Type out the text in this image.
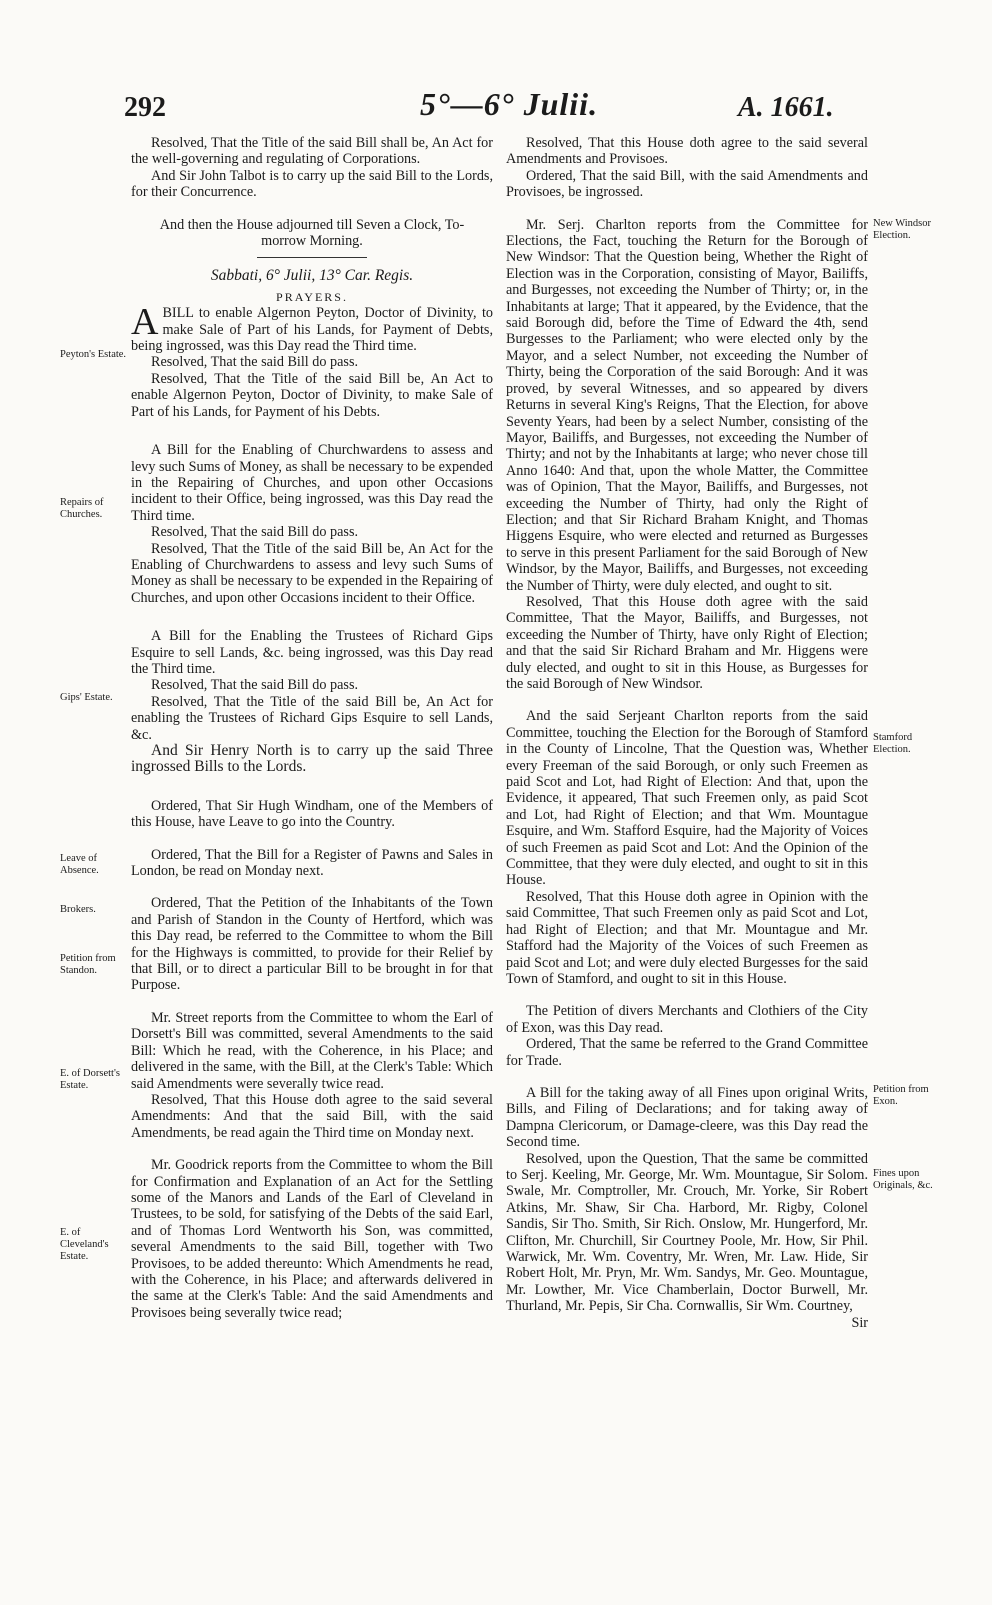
292	5°—6° Julii.	A. 1661.

Resolved, That the Title of the said Bill shall be, An Act for the well-governing and regulating of Corporations.

And Sir John Talbot is to carry up the said Bill to the Lords, for their Concurrence.

And then the House adjourned till Seven a Clock, To-morrow Morning.

Sabbati, 6° Julii, 13° Car. Regis.

PRAYERS.

ABILL to enable Algernon Peyton, Doctor of Divinity, to make Sale of Part of his Lands, for Payment of Debts, being ingrossed, was this Day read the Third time.

Resolved, That the said Bill do pass.

Resolved, That the Title of the said Bill be, An Act to enable Algernon Peyton, Doctor of Divinity, to make Sale of Part of his Lands, for Payment of his Debts.

A Bill for the Enabling of Churchwardens to assess and levy such Sums of Money, as shall be necessary to be expended in the Repairing of Churches, and upon other Occasions incident to their Office, being ingrossed, was this Day read the Third time.

Resolved, That the said Bill do pass.

Resolved, That the Title of the said Bill be, An Act for the Enabling of Churchwardens to assess and levy such Sums of Money as shall be necessary to be expended in the Repairing of Churches, and upon other Occasions incident to their Office.

A Bill for the Enabling the Trustees of Richard Gips Esquire to sell Lands, &c. being ingrossed, was this Day read the Third time.

Resolved, That the said Bill do pass.

Resolved, That the Title of the said Bill be, An Act for enabling the Trustees of Richard Gips Esquire to sell Lands, &c.

And Sir Henry North is to carry up the said Three ingrossed Bills to the Lords.

Ordered, That Sir Hugh Windham, one of the Members of this House, have Leave to go into the Country.

Ordered, That the Bill for a Register of Pawns and Sales in London, be read on Monday next.

Ordered, That the Petition of the Inhabitants of the Town and Parish of Standon in the County of Hertford, which was this Day read, be referred to the Committee to whom the Bill for the Highways is committed, to provide for their Relief by that Bill, or to direct a particular Bill to be brought in for that Purpose.

Mr. Street reports from the Committee to whom the Earl of Dorsett's Bill was committed, several Amendments to the said Bill: Which he read, with the Coherence, in his Place; and delivered in the same, with the Bill, at the Clerk's Table: Which said Amendments were severally twice read.

Resolved, That this House doth agree to the said several Amendments: And that the said Bill, with the said Amendments, be read again the Third time on Monday next.

Mr. Goodrick reports from the Committee to whom the Bill for Confirmation and Explanation of an Act for the Settling some of the Manors and Lands of the Earl of Cleveland in Trustees, to be sold, for satisfying of the Debts of the said Earl, and of Thomas Lord Wentworth his Son, was committed, several Amendments to the said Bill, together with Two Provisoes, to be added thereunto: Which Amendments he read, with the Coherence, in his Place; and afterwards delivered in the same at the Clerk's Table: And the said Amendments and Provisoes being severally twice read;

Resolved, That this House doth agree to the said several Amendments and Provisoes.

Ordered, That the said Bill, with the said Amendments and Provisoes, be ingrossed.

Mr. Serj. Charlton reports from the Committee for Elections, the Fact, touching the Return for the Borough of New Windsor: That the Question being, Whether the Right of Election was in the Corporation, consisting of Mayor, Bailiffs, and Burgesses, not exceeding the Number of Thirty; or, in the Inhabitants at large; That it appeared, by the Evidence, that the said Borough did, before the Time of Edward the 4th, send Burgesses to the Parliament; who were elected only by the Mayor, and a select Number, not exceeding the Number of Thirty, being the Corporation of the said Borough: And it was proved, by several Witnesses, and so appeared by divers Returns in several King's Reigns, That the Election, for above Seventy Years, had been by a select Number, consisting of the Mayor, Bailiffs, and Burgesses, not exceeding the Number of Thirty; and not by the Inhabitants at large; who never chose till Anno 1640: And that, upon the whole Matter, the Committee was of Opinion, That the Mayor, Bailiffs, and Burgesses, not exceeding the Number of Thirty, had only the Right of Election; and that Sir Richard Braham Knight, and Thomas Higgens Esquire, who were elected and returned as Burgesses to serve in this present Parliament for the said Borough of New Windsor, by the Mayor, Bailiffs, and Burgesses, not exceeding the Number of Thirty, were duly elected, and ought to sit.

Resolved, That this House doth agree with the said Committee, That the Mayor, Bailiffs, and Burgesses, not exceeding the Number of Thirty, have only Right of Election; and that the said Sir Richard Braham and Mr. Higgens were duly elected, and ought to sit in this House, as Burgesses for the said Borough of New Windsor.

And the said Serjeant Charlton reports from the said Committee, touching the Election for the Borough of Stamford in the County of Lincolne, That the Question was, Whether every Freeman of the said Borough, or only such Freemen as paid Scot and Lot, had Right of Election: And that, upon the Evidence, it appeared, That such Freemen only, as paid Scot and Lot, had Right of Election; and that Wm. Mountague Esquire, and Wm. Stafford Esquire, had the Majority of Voices of such Freemen as paid Scot and Lot: And the Opinion of the Committee, that they were duly elected, and ought to sit in this House.

Resolved, That this House doth agree in Opinion with the said Committee, That such Freemen only as paid Scot and Lot, had Right of Election; and that Mr. Mountague and Mr. Stafford had the Majority of the Voices of such Freemen as paid Scot and Lot; and were duly elected Burgesses for the said Town of Stamford, and ought to sit in this House.

The Petition of divers Merchants and Clothiers of the City of Exon, was this Day read.

Ordered, That the same be referred to the Grand Committee for Trade.

A Bill for the taking away of all Fines upon original Writs, Bills, and Filing of Declarations; and for taking away of Dampna Clericorum, or Damage-cleere, was this Day read the Second time.

Resolved, upon the Question, That the same be committed to Serj. Keeling, Mr. George, Mr. Wm. Mountague, Sir Solom. Swale, Mr. Comptroller, Mr. Crouch, Mr. Yorke, Sir Robert Atkins, Mr. Shaw, Sir Cha. Harbord, Mr. Rigby, Colonel Sandis, Sir Tho. Smith, Sir Rich. Onslow, Mr. Hungerford, Mr. Clifton, Mr. Churchill, Sir Courtney Poole, Mr. How, Sir Phil. Warwick, Mr. Wm. Coventry, Mr. Wren, Mr. Law. Hide, Sir Robert Holt, Mr. Pryn, Mr. Wm. Sandys, Mr. Geo. Mountague, Mr. Lowther, Mr. Vice Chamberlain, Doctor Burwell, Mr. Thurland, Mr. Pepis, Sir Cha. Cornwallis, Sir Wm. Courtney,

Sir

Peyton's Estate.
Repairs of Churches.
Gips' Estate.
Leave of Absence.
Brokers.
Petition from Standon.
E. of Dorsett's Estate.
E. of Cleveland's Estate.
New Windsor Election.
Stamford Election.
Petition from Exon.
Fines upon Originals, &c.
